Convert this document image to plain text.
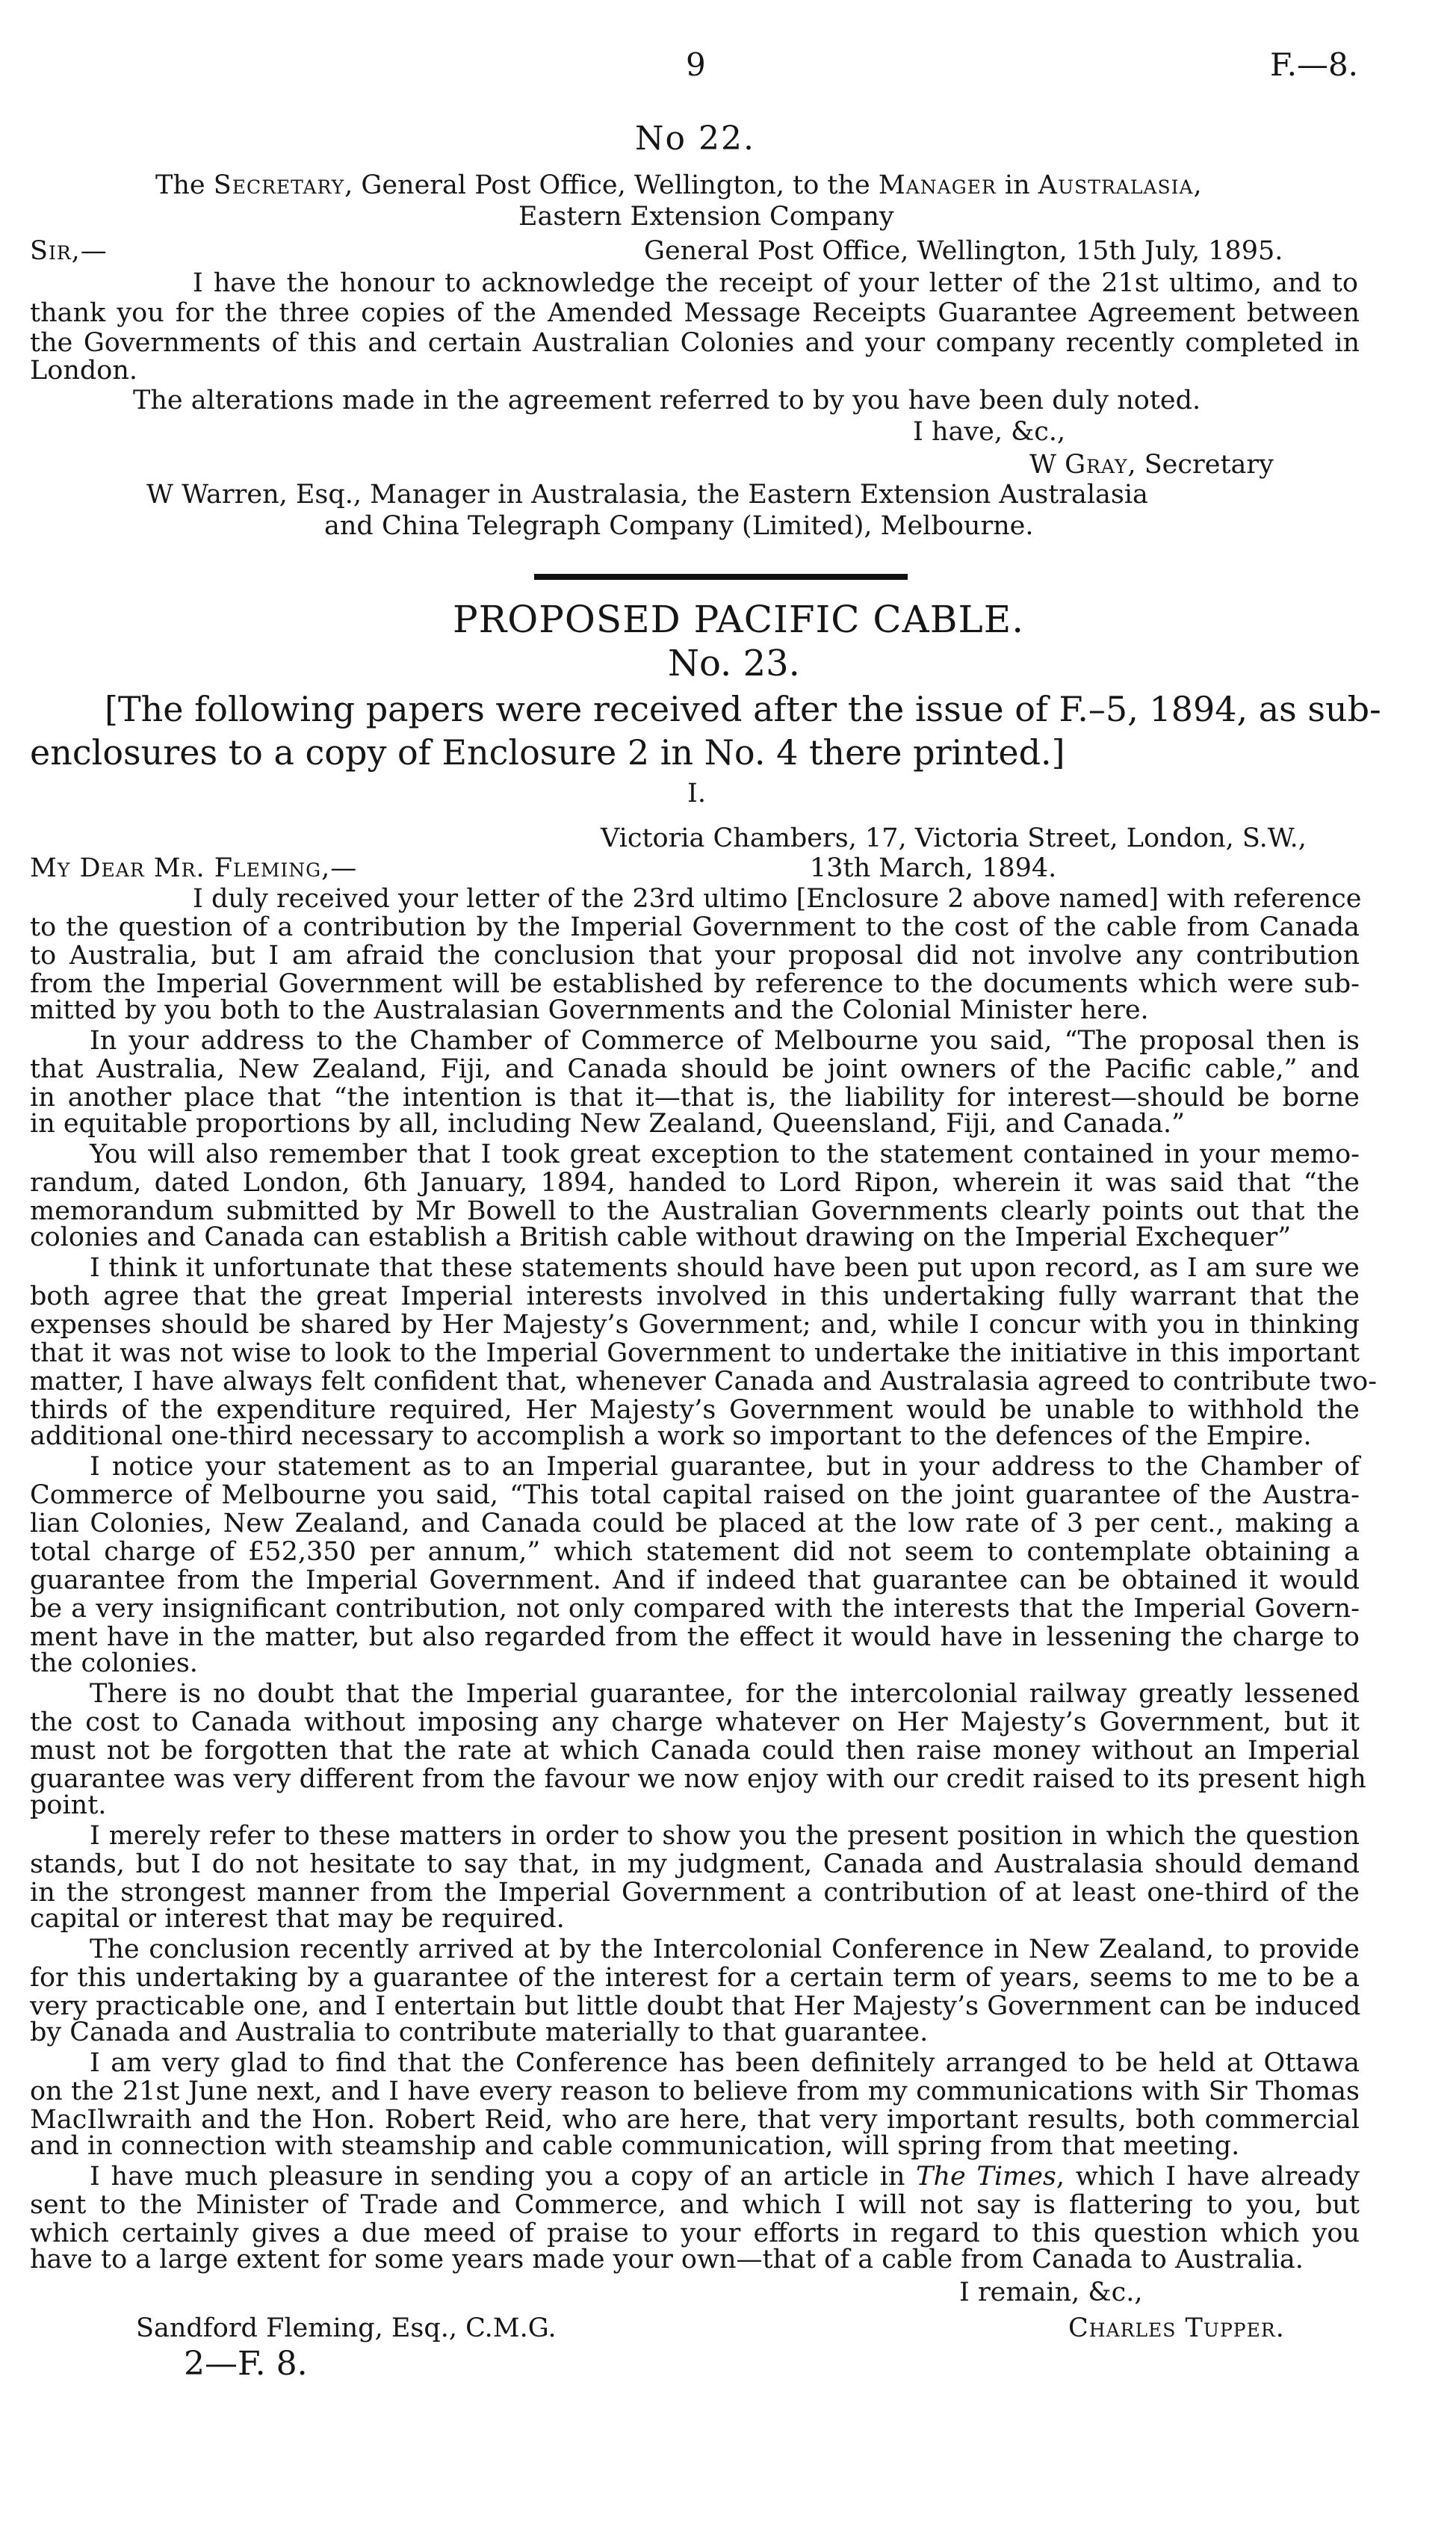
9	F.—8.
No 22.
The Secretary, General Post Office, Wellington, to the Manager in Australasia,
Eastern Extension Company
Sir,—	General Post Office, Wellington, 15th July, 1895.
I have the honour to acknowledge the receipt of your letter of the 21st ultimo, and to
thank you for the three copies of the Amended Message Receipts Guarantee Agreement between
the Governments of this and certain Australian Colonies and your company recently completed in
London.
The alterations made in the agreement referred to by you have been duly noted.
I have, &c.,
W Gray, Secretary
W Warren, Esq., Manager in Australasia, the Eastern Extension Australasia
and China Telegraph Company (Limited), Melbourne.
PROPOSED PACIFIC CABLE.
No. 23.
[The following papers were received after the issue of F.–5, 1894, as sub-
enclosures to a copy of Enclosure 2 in No. 4 there printed.]
I.
Victoria Chambers, 17, Victoria Street, London, S.W.,
My Dear Mr. Fleming,—	13th March, 1894.
I duly received your letter of the 23rd ultimo [Enclosure 2 above named] with reference
to the question of a contribution by the Imperial Government to the cost of the cable from Canada
to Australia, but I am afraid the conclusion that your proposal did not involve any contribution
from the Imperial Government will be established by reference to the documents which were sub-
mitted by you both to the Australasian Governments and the Colonial Minister here.
In your address to the Chamber of Commerce of Melbourne you said, “The proposal then is
that Australia, New Zealand, Fiji, and Canada should be joint owners of the Pacific cable,” and
in another place that “the intention is that it—that is, the liability for interest—should be borne
in equitable proportions by all, including New Zealand, Queensland, Fiji, and Canada.”
You will also remember that I took great exception to the statement contained in your memo-
randum, dated London, 6th January, 1894, handed to Lord Ripon, wherein it was said that “the
memorandum submitted by Mr Bowell to the Australian Governments clearly points out that the
colonies and Canada can establish a British cable without drawing on the Imperial Exchequer”
I think it unfortunate that these statements should have been put upon record, as I am sure we
both agree that the great Imperial interests involved in this undertaking fully warrant that the
expenses should be shared by Her Majesty’s Government; and, while I concur with you in thinking
that it was not wise to look to the Imperial Government to undertake the initiative in this important
matter, I have always felt confident that, whenever Canada and Australasia agreed to contribute two-
thirds of the expenditure required, Her Majesty’s Government would be unable to withhold the
additional one-third necessary to accomplish a work so important to the defences of the Empire.
I notice your statement as to an Imperial guarantee, but in your address to the Chamber of
Commerce of Melbourne you said, “This total capital raised on the joint guarantee of the Austra-
lian Colonies, New Zealand, and Canada could be placed at the low rate of 3 per cent., making a
total charge of £52,350 per annum,” which statement did not seem to contemplate obtaining a
guarantee from the Imperial Government. And if indeed that guarantee can be obtained it would
be a very insignificant contribution, not only compared with the interests that the Imperial Govern-
ment have in the matter, but also regarded from the effect it would have in lessening the charge to
the colonies.
There is no doubt that the Imperial guarantee, for the intercolonial railway greatly lessened
the cost to Canada without imposing any charge whatever on Her Majesty’s Government, but it
must not be forgotten that the rate at which Canada could then raise money without an Imperial
guarantee was very different from the favour we now enjoy with our credit raised to its present high
point.
I merely refer to these matters in order to show you the present position in which the question
stands, but I do not hesitate to say that, in my judgment, Canada and Australasia should demand
in the strongest manner from the Imperial Government a contribution of at least one-third of the
capital or interest that may be required.
The conclusion recently arrived at by the Intercolonial Conference in New Zealand, to provide
for this undertaking by a guarantee of the interest for a certain term of years, seems to me to be a
very practicable one, and I entertain but little doubt that Her Majesty’s Government can be induced
by Canada and Australia to contribute materially to that guarantee.
I am very glad to find that the Conference has been definitely arranged to be held at Ottawa
on the 21st June next, and I have every reason to believe from my communications with Sir Thomas
MacIlwraith and the Hon. Robert Reid, who are here, that very important results, both commercial
and in connection with steamship and cable communication, will spring from that meeting.
I have much pleasure in sending you a copy of an article in The Times, which I have already
sent to the Minister of Trade and Commerce, and which I will not say is flattering to you, but
which certainly gives a due meed of praise to your efforts in regard to this question which you
have to a large extent for some years made your own—that of a cable from Canada to Australia.
I remain, &c.,
Sandford Fleming, Esq., C.M.G.	Charles Tupper.
2—F. 8.
